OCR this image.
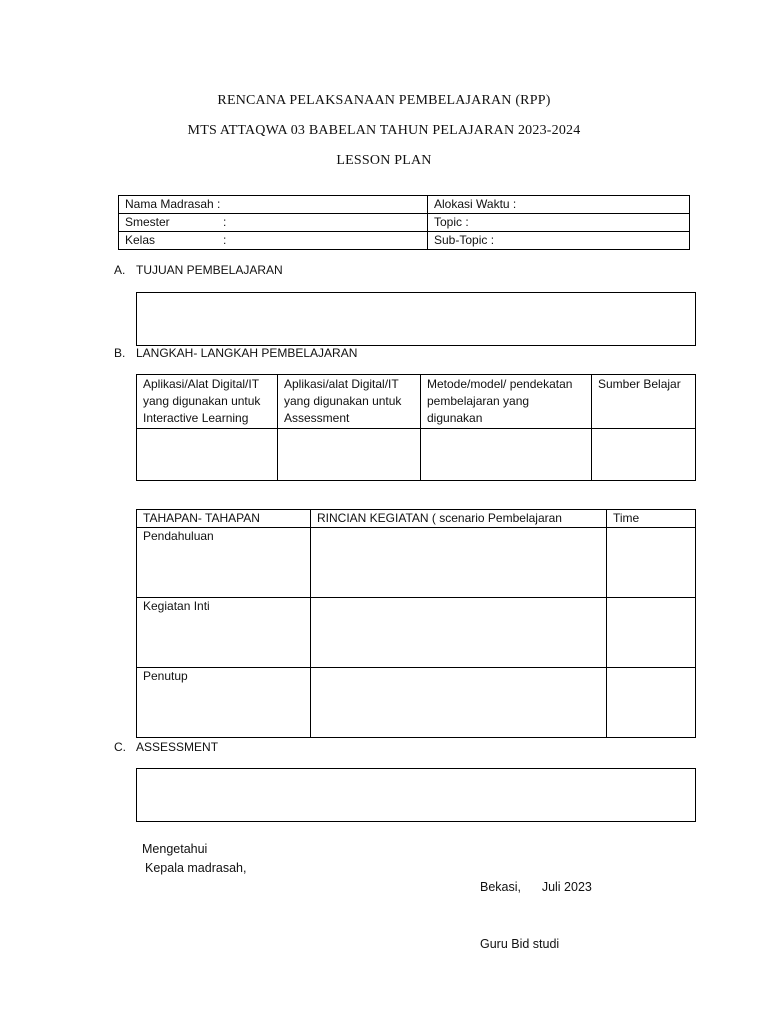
RENCANA PELAKSANAAN PEMBELAJARAN (RPP)
MTS ATTAQWA 03 BABELAN TAHUN PELAJARAN 2023-2024
LESSON PLAN
Nama Madrasah :	Alokasi Waktu :
Smester :	Topic :
Kelas :	Sub-Topic :
A. TUJUAN PEMBELAJARAN
B. LANGKAH- LANGKAH PEMBELAJARAN
Aplikasi/Alat Digital/IT yang digunakan untuk Interactive Learning	Aplikasi/alat Digital/IT yang digunakan untuk Assessment	Metode/model/ pendekatan pembelajaran yang digunakan	Sumber Belajar

TAHAPAN- TAHAPAN	RINCIAN KEGIATAN ( scenario Pembelajaran	Time
Pendahuluan		
Kegiatan Inti		
Penutup		
C. ASSESSMENT
Mengetahui
Kepala madrasah,

Bekasi,      Juli 2023

Guru Bid studi
